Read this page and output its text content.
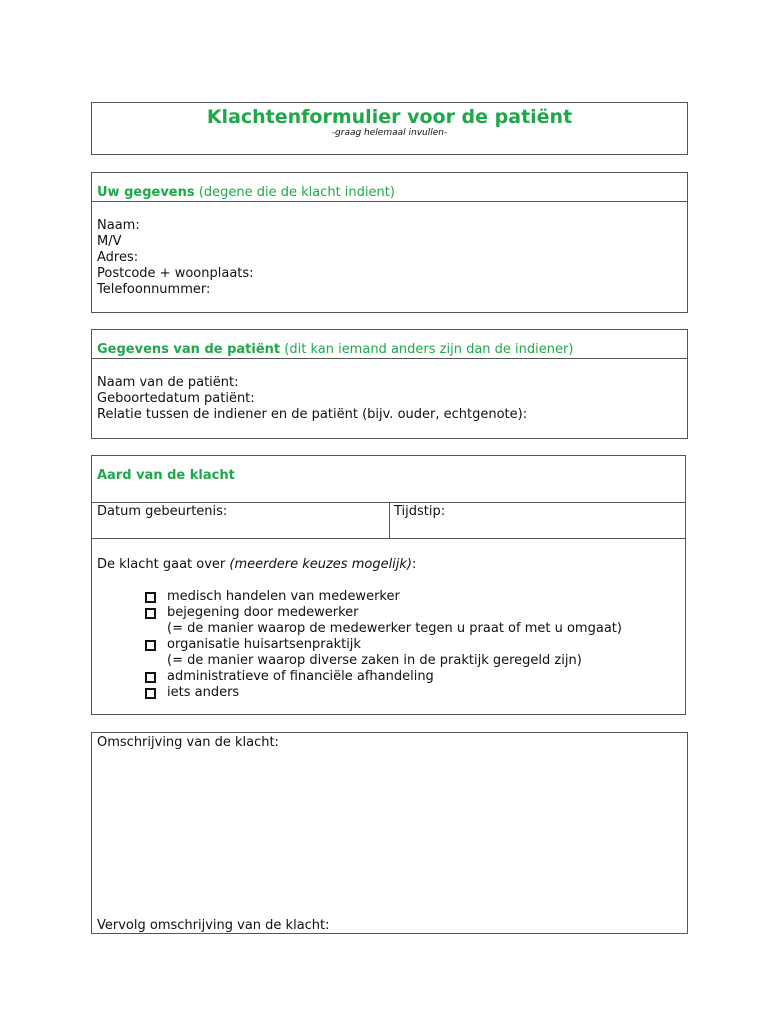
Klachtenformulier voor de patiënt
-graag helemaal invullen-
Uw gegevens (degene die de klacht indient)
Naam:
M/V
Adres:
Postcode + woonplaats:
Telefoonnummer:
Gegevens van de patiënt (dit kan iemand anders zijn dan de indiener)
Naam van de patiënt:
Geboortedatum patiënt:
Relatie tussen de indiener en de patiënt (bijv. ouder, echtgenote):
Aard van de klacht
Datum gebeurtenis:	Tijdstip:
De klacht gaat over (meerdere keuzes mogelijk):
medisch handelen van medewerker
bejegening door medewerker
(= de manier waarop de medewerker tegen u praat of met u omgaat)
organisatie huisartsenpraktijk
(= de manier waarop diverse zaken in de praktijk geregeld zijn)
administratieve of financiële afhandeling
iets anders
Omschrijving van de klacht:
Vervolg omschrijving van de klacht:
